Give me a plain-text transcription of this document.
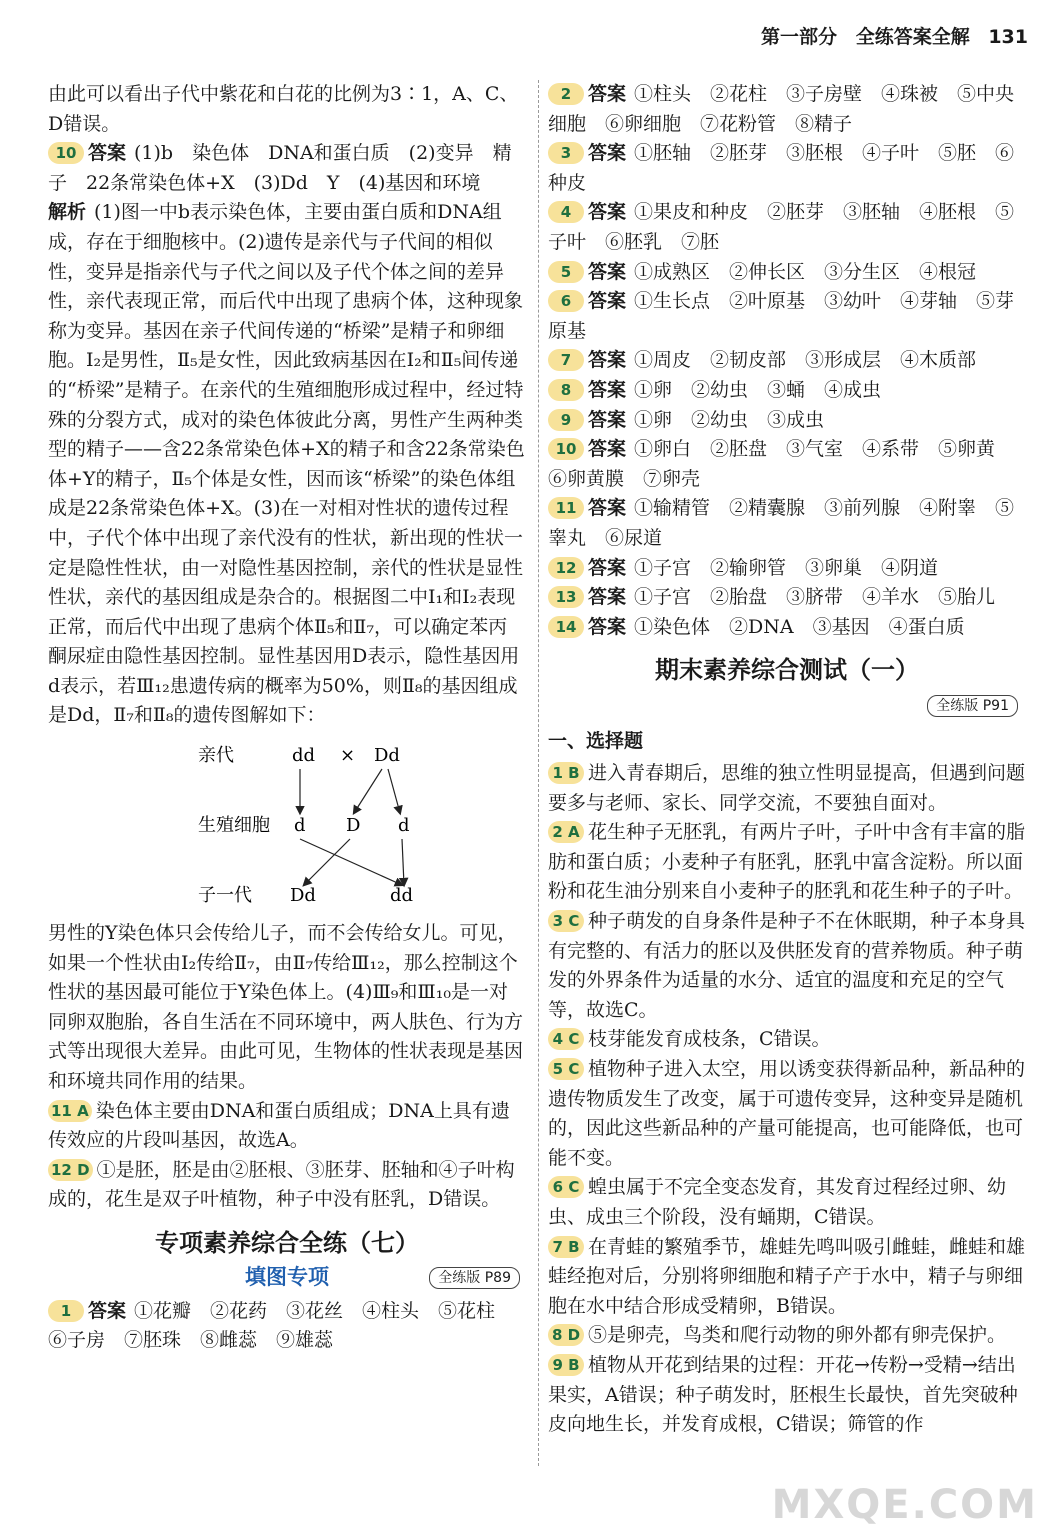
第一部分 全练答案全解 131

由此可以看出子代中紫花和白花的比例为3∶1，A、C、D错误。

10 答案 (1)b　染色体　DNA和蛋白质　(2)变异　精子　22条常染色体+X　(3)Dd　Y　(4)基因和环境

解析 (1)图一中b表示染色体，主要由蛋白质和DNA组成，存在于细胞核中。(2)遗传是亲代与子代间的相似性，变异是指亲代与子代之间以及子代个体之间的差异性，亲代表现正常，而后代中出现了患病个体，这种现象称为变异。基因在亲子代间传递的“桥梁”是精子和卵细胞。Ⅰ₂是男性，Ⅱ₅是女性，因此致病基因在Ⅰ₂和Ⅱ₅间传递的“桥梁”是精子。在亲代的生殖细胞形成过程中，经过特殊的分裂方式，成对的染色体彼此分离，男性产生两种类型的精子——含22条常染色体+X的精子和含22条常染色体+Y的精子，Ⅱ₅个体是女性，因而该“桥梁”的染色体组成是22条常染色体+X。(3)在一对相对性状的遗传过程中，子代个体中出现了亲代没有的性状，新出现的性状一定是隐性性状，由一对隐性基因控制，亲代的性状是显性性状，亲代的基因组成是杂合的。根据图二中Ⅰ₁和Ⅰ₂表现正常，而后代中出现了患病个体Ⅱ₅和Ⅱ₇，可以确定苯丙酮尿症由隐性基因控制。显性基因用D表示，隐性基因用d表示，若Ⅲ₁₂患遗传病的概率为50%，则Ⅱ₈的基因组成是Dd，Ⅱ₇和Ⅱ₈的遗传图解如下：

亲代
生殖细胞
子一代
dd × Dd
d D d
Dd	dd

男性的Y染色体只会传给儿子，而不会传给女儿。可见，如果一个性状由Ⅰ₂传给Ⅱ₇，由Ⅱ₇传给Ⅲ₁₂，那么控制这个性状的基因最可能位于Y染色体上。(4)Ⅲ₉和Ⅲ₁₀是一对同卵双胞胎，各自生活在不同环境中，两人肤色、行为方式等出现很大差异。由此可见，生物体的性状表现是基因和环境共同作用的结果。

11 A 染色体主要由DNA和蛋白质组成；DNA上具有遗传效应的片段叫基因，故选A。

12 D ①是胚，胚是由②胚根、③胚芽、胚轴和④子叶构成的，花生是双子叶植物，种子中没有胚乳，D错误。

专项素养综合全练（七）
填图专项	全练版 P89

1 答案 ①花瓣　②花药　③花丝　④柱头　⑤花柱　⑥子房　⑦胚珠　⑧雌蕊　⑨雄蕊

2 答案 ①柱头　②花柱　③子房壁　④珠被　⑤中央细胞　⑥卵细胞　⑦花粉管　⑧精子

3 答案 ①胚轴　②胚芽　③胚根　④子叶　⑤胚　⑥种皮

4 答案 ①果皮和种皮　②胚芽　③胚轴　④胚根　⑤子叶　⑥胚乳　⑦胚

5 答案 ①成熟区　②伸长区　③分生区　④根冠

6 答案 ①生长点　②叶原基　③幼叶　④芽轴　⑤芽原基

7 答案 ①周皮　②韧皮部　③形成层　④木质部

8 答案 ①卵　②幼虫　③蛹　④成虫

9 答案 ①卵　②幼虫　③成虫

10 答案 ①卵白　②胚盘　③气室　④系带　⑤卵黄　⑥卵黄膜　⑦卵壳

11 答案 ①输精管　②精囊腺　③前列腺　④附睾　⑤睾丸　⑥尿道

12 答案 ①子宫　②输卵管　③卵巢　④阴道

13 答案 ①子宫　②胎盘　③脐带　④羊水　⑤胎儿

14 答案 ①染色体　②DNA　③基因　④蛋白质

期末素养综合测试（一）
全练版 P91
一、选择题

1 B 进入青春期后，思维的独立性明显提高，但遇到问题要多与老师、家长、同学交流，不要独自面对。

2 A 花生种子无胚乳，有两片子叶，子叶中含有丰富的脂肪和蛋白质；小麦种子有胚乳，胚乳中富含淀粉。所以面粉和花生油分别来自小麦种子的胚乳和花生种子的子叶。

3 C 种子萌发的自身条件是种子不在休眠期，种子本身具有完整的、有活力的胚以及供胚发育的营养物质。种子萌发的外界条件为适量的水分、适宜的温度和充足的空气等，故选C。

4 C 枝芽能发育成枝条，C错误。

5 C 植物种子进入太空，用以诱变获得新品种，新品种的遗传物质发生了改变，属于可遗传变异，这种变异是随机的，因此这些新品种的产量可能提高，也可能降低，也可能不变。

6 C 蝗虫属于不完全变态发育，其发育过程经过卵、幼虫、成虫三个阶段，没有蛹期，C错误。

7 B 在青蛙的繁殖季节，雄蛙先鸣叫吸引雌蛙，雌蛙和雄蛙经抱对后，分别将卵细胞和精子产于水中，精子与卵细胞在水中结合形成受精卵，B错误。

8 D ⑤是卵壳，鸟类和爬行动物的卵外都有卵壳保护。

9 B 植物从开花到结果的过程：开花→传粉→受精→结出果实，A错误；种子萌发时，胚根生长最快，首先突破种皮向地生长，并发育成根，C错误；筛管的作

MXQE.COM
